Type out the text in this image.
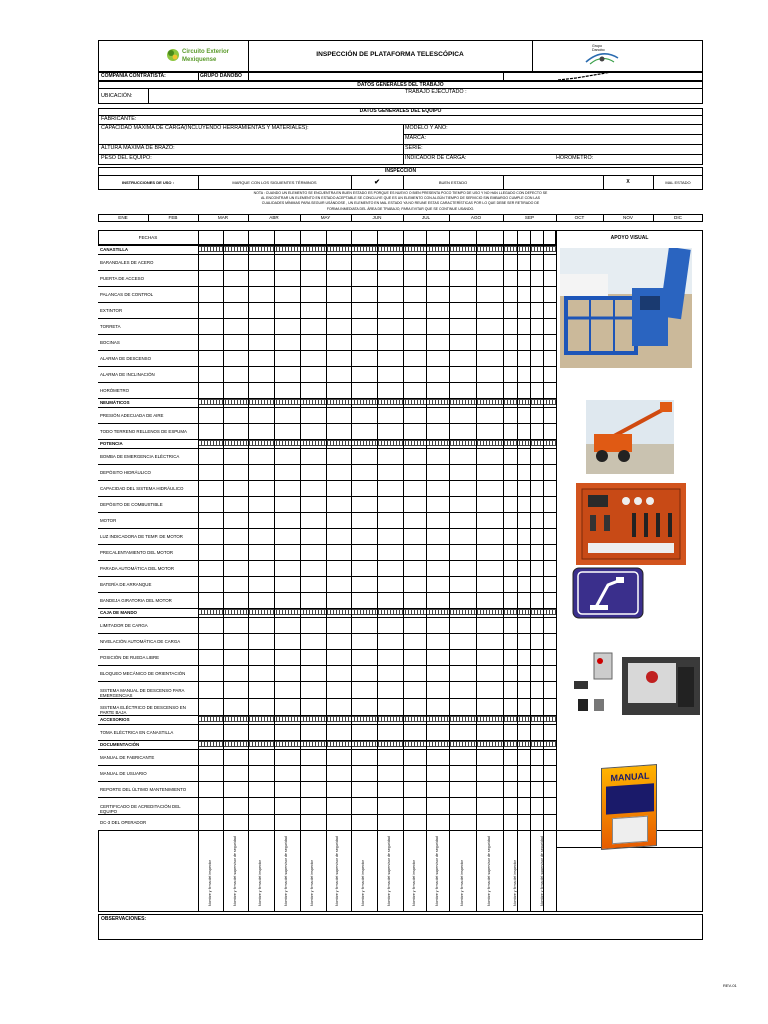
Circuito Exterior
Mexiquense
INSPECCIÓN DE PLATAFORMA TELESCÓPICA
Grupo
Danobo
COMPAÑÍA CONTRATISTA:	GRUPO DANOBO
DATOS GENERALES DEL TRABAJO
TRABAJO EJECUTADO :
UBICACIÓN:
DATOS GENERALES DEL EQUIPO
FABRICANTE:
CAPACIDAD MÁXIMA DE CARGA(INCLUYENDO HERRAMIENTAS Y MATERIALES):	MODELO Y AÑO:
MARCA:
ALTURA MÁXIMA DE BRAZO:	SERIE:
PESO DEL EQUIPO:	INDICADOR DE CARGA:	HOROMETRO:
INSPECCIÓN
INSTRUCCIONES DE USO :	MARQUE CON LOS SIGUIENTES TÉRMINOS	✔	BUEN ESTADO	X	MAL ESTADO
NOTA : CUANDO UN ELEMENTO SE ENCUENTRA EN BUEN ESTADO ES PORQUE ES NUEVO O BIEN PRESENTA POCO TIEMPO DE USO Y NO HAN LLEGADO CON DEFECTO SE
AL ENCONTRAR UN ELEMENTO EN ESTADO ACEPTABLE SE CONCLUYE QUE ES UN ELEMENTO CON ALGÚN TIEMPO DE SERVICIO SIN EMBARGO CUMPLE CON LAS
CUALIDADES MÍNIMAS PARA SEGUIR USÁNDOSE , UN ELEMENTO EN MAL ESTADO YA NO REUNE ESTAS CARACTERÍSTICAS POR LO QUE DEBE SER RETIRADO DE
FORMA INMEDIATA DEL ÁREA DE TRABAJO, PARA EVITAR QUE SE CONTINUE USANDO.
ENE	FEB	MAR	ABR	MAY	JUN	JUL	AGO	SEP	OCT	NOV	DIC
FECHAS
CANASTILLA
BARANDALES DE ACERO
PUERTA DE ACCESO
PALANCAS DE CONTROL
EXTINTOR
TORRETA
BOCINAS
ALARMA DE DESCENSO
ALARMA DE INCLINACIÓN
HORÓMETRO
NEUMÁTICOS
PRESIÓN ADECUADA DE AIRE
TODO TERRENO RELLENOS DE ESPUMA
POTENCIA
BOMBA DE EMERGENCIA ELÉCTRICA
DEPÓSITO HIDRÁULICO
CAPACIDAD DEL SISTEMA HIDRÁULICO
DEPÓSITO DE COMBUSTIBLE
MOTOR
LUZ INDICADORA DE TEMP. DE MOTOR
PRECALENTAMIENTO DEL MOTOR
PARADA AUTOMÁTICA DEL MOTOR
BATERÍA DE ARRANQUE
BANDEJA GIRATORIA DEL MOTOR
CAJA DE MANDO
LIMITADOR DE CARGA
NIVELACIÓN AUTOMÁTICA DE CARGA
POSICIÓN DE RUEDA LIBRE
BLOQUEO MECÁNICO DE ORIENTACIÓN
SISTEMA MANUAL DE DESCENSO PARA EMERGENCIAS
SISTEMA ELÉCTRICO DE DESCENSO EN PARTE BAJA
ACCESORIOS
TOMA ELÉCTRICA EN CANASTILLA
DOCUMENTACIÓN
MANUAL DE FABRICANTE
MANUAL DE USUARIO
REPORTE DEL ÚLTIMO MANTENIMIENTO
CERTIFICADO DE ACREDITACIÓN DEL EQUIPO
DC-3 DEL OPERADOR
Nombre y firma del inspector	Nombre y firma del supervisor de seguridad	Nombre y firma del inspector	Nombre y firma del supervisor de seguridad	Nombre y firma del inspector	Nombre y firma del supervisor de seguridad	Nombre y firma del inspector	Nombre y firma del supervisor de seguridad	Nombre y firma del inspector	Nombre y firma del supervisor de seguridad	Nombre y firma del inspector	Nombre y firma del supervisor de seguridad	Nombre y firma del inspector	Nombre y firma del supervisor de seguridad
APOYO VISUAL
MANUAL
OBSERVACIONES:
REV-01
